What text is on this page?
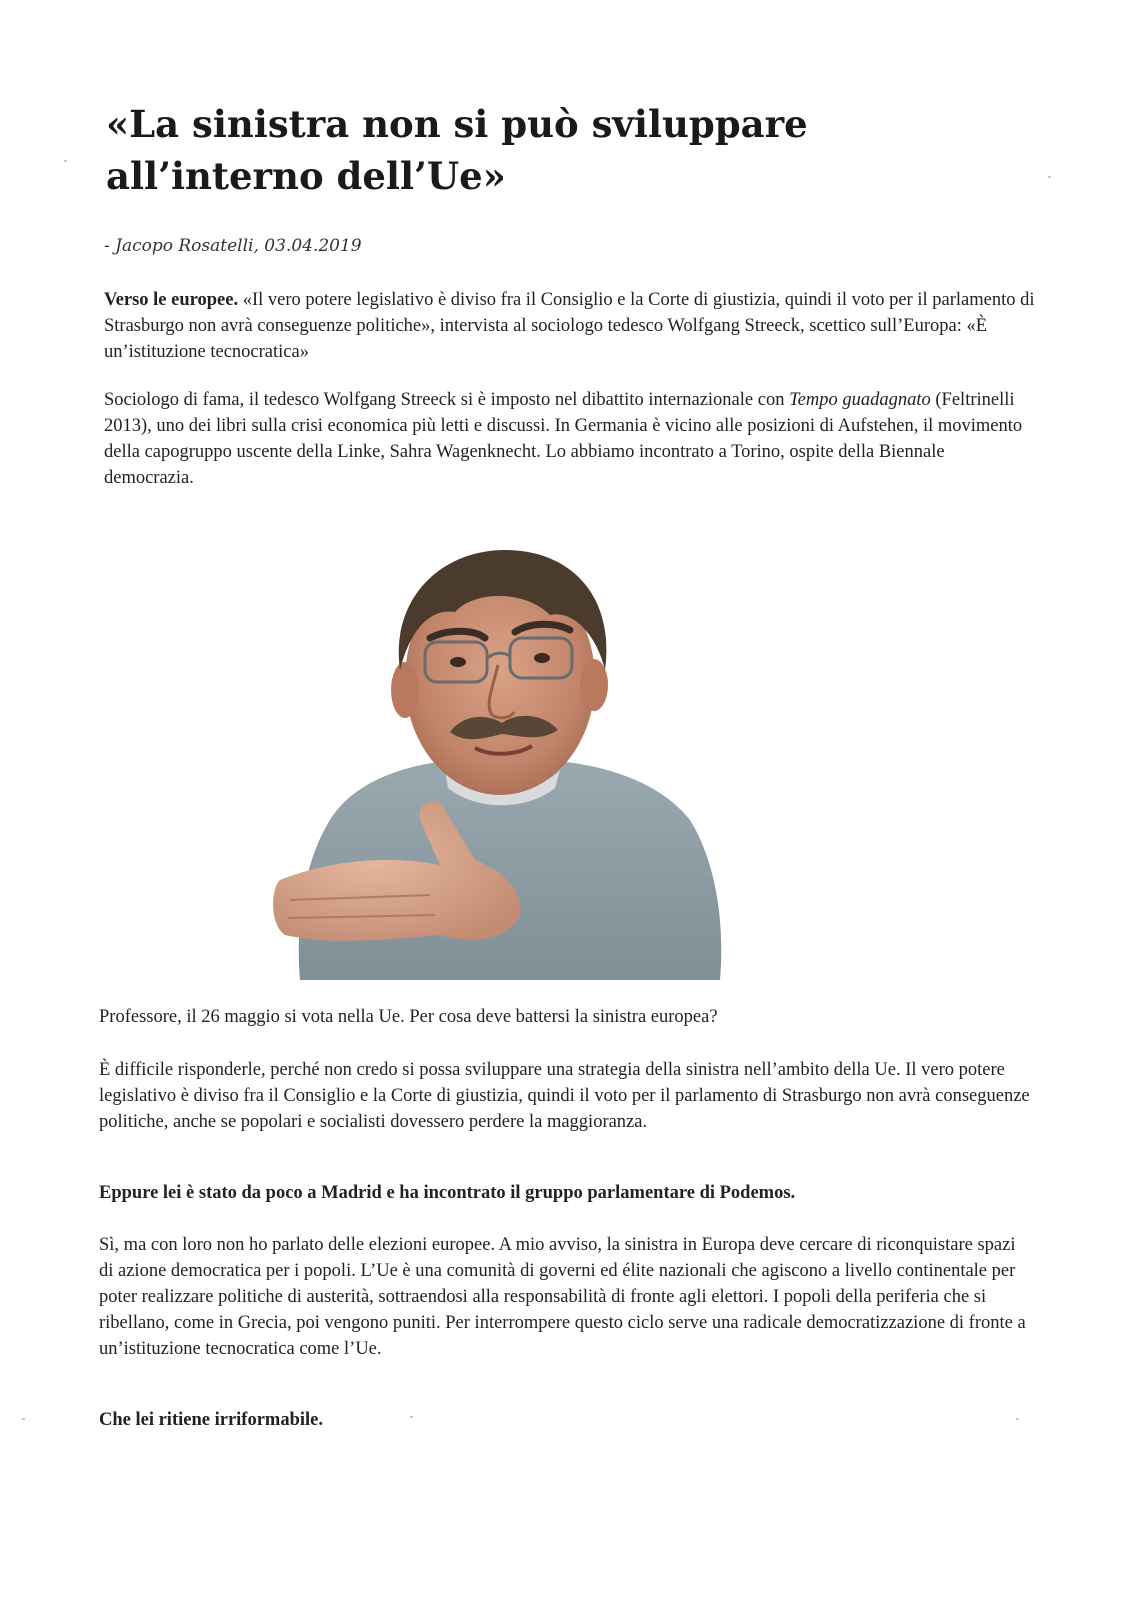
«La sinistra non si può sviluppare all’interno dell’Ue»
- Jacopo Rosatelli, 03.04.2019

Verso le europee. «Il vero potere legislativo è diviso fra il Consiglio e la Corte di giustizia, quindi il voto per il parlamento di Strasburgo non avrà conseguenze politiche», intervista al sociologo tedesco Wolfgang Streeck, scettico sull’Europa: «È un’istituzione tecnocratica»

Sociologo di fama, il tedesco Wolfgang Streeck si è imposto nel dibattito internazionale con Tempo guadagnato (Feltrinelli 2013), uno dei libri sulla crisi economica più letti e discussi. In Germania è vicino alle posizioni di Aufstehen, il movimento della capogruppo uscente della Linke, Sahra Wagenknecht. Lo abbiamo incontrato a Torino, ospite della Biennale democrazia.

Professore, il 26 maggio si vota nella Ue. Per cosa deve battersi la sinistra europea?

È difficile risponderle, perché non credo si possa sviluppare una strategia della sinistra nell’ambito della Ue. Il vero potere legislativo è diviso fra il Consiglio e la Corte di giustizia, quindi il voto per il parlamento di Strasburgo non avrà conseguenze politiche, anche se popolari e socialisti dovessero perdere la maggioranza.

Eppure lei è stato da poco a Madrid e ha incontrato il gruppo parlamentare di Podemos.

Sì, ma con loro non ho parlato delle elezioni europee. A mio avviso, la sinistra in Europa deve cercare di riconquistare spazi di azione democratica per i popoli. L’Ue è una comunità di governi ed élite nazionali che agiscono a livello continentale per poter realizzare politiche di austerità, sottraendosi alla responsabilità di fronte agli elettori. I popoli della periferia che si ribellano, come in Grecia, poi vengono puniti. Per interrompere questo ciclo serve una radicale democratizzazione di fronte a un’istituzione tecnocratica come l’Ue.

Che lei ritiene irriformabile.
